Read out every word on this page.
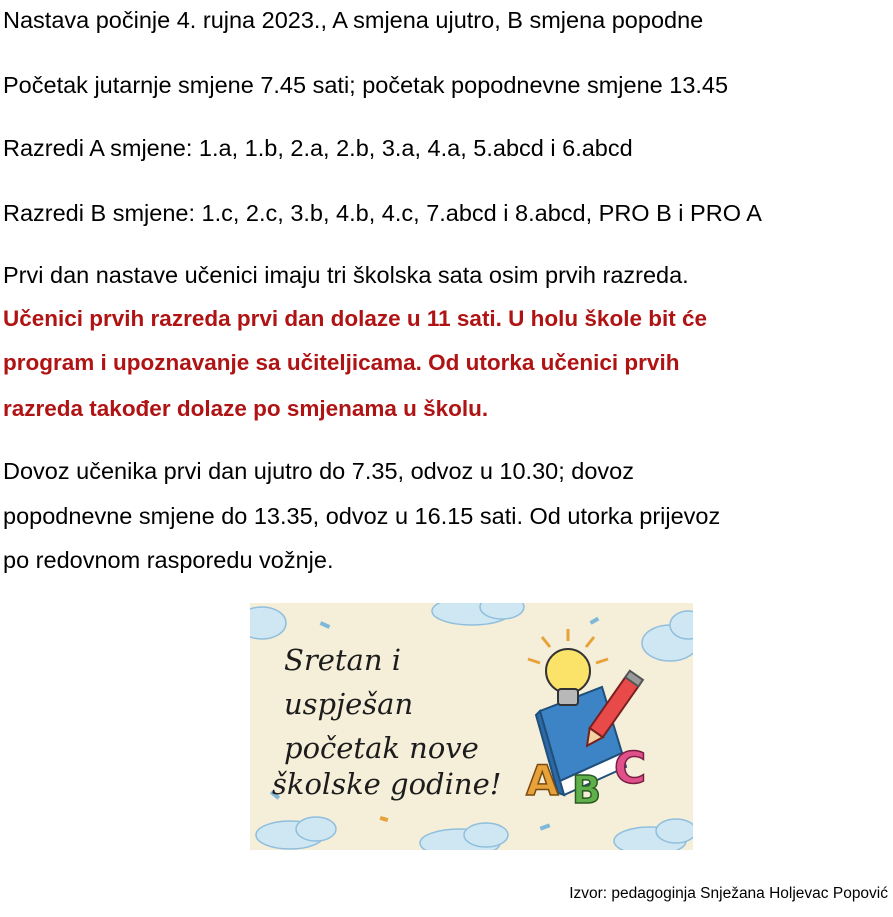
Nastava počinje 4. rujna 2023., A smjena ujutro, B smjena popodne
Početak jutarnje smjene 7.45 sati; početak popodnevne smjene 13.45
Razredi A smjene: 1.a, 1.b, 2.a, 2.b, 3.a, 4.a, 5.abcd i 6.abcd
Razredi B smjene: 1.c, 2.c, 3.b, 4.b, 4.c, 7.abcd i 8.abcd, PRO B i PRO A
Prvi dan nastave učenici imaju tri školska sata osim prvih razreda.
Učenici prvih razreda prvi dan dolaze u 11 sati. U holu škole bit će
program i upoznavanje sa učiteljicama. Od utorka učenici prvih
razreda također dolaze po smjenama u školu.
Dovoz učenika prvi dan ujutro do 7.35, odvoz u 10.30; dovoz
popodnevne smjene do 13.35, odvoz u 16.15 sati. Od utorka prijevoz
po redovnom rasporedu vožnje.
A B C
Sretan i
uspješan
početak nove
školske godine!
Izvor: pedagoginja Snježana Holjevac Popović
